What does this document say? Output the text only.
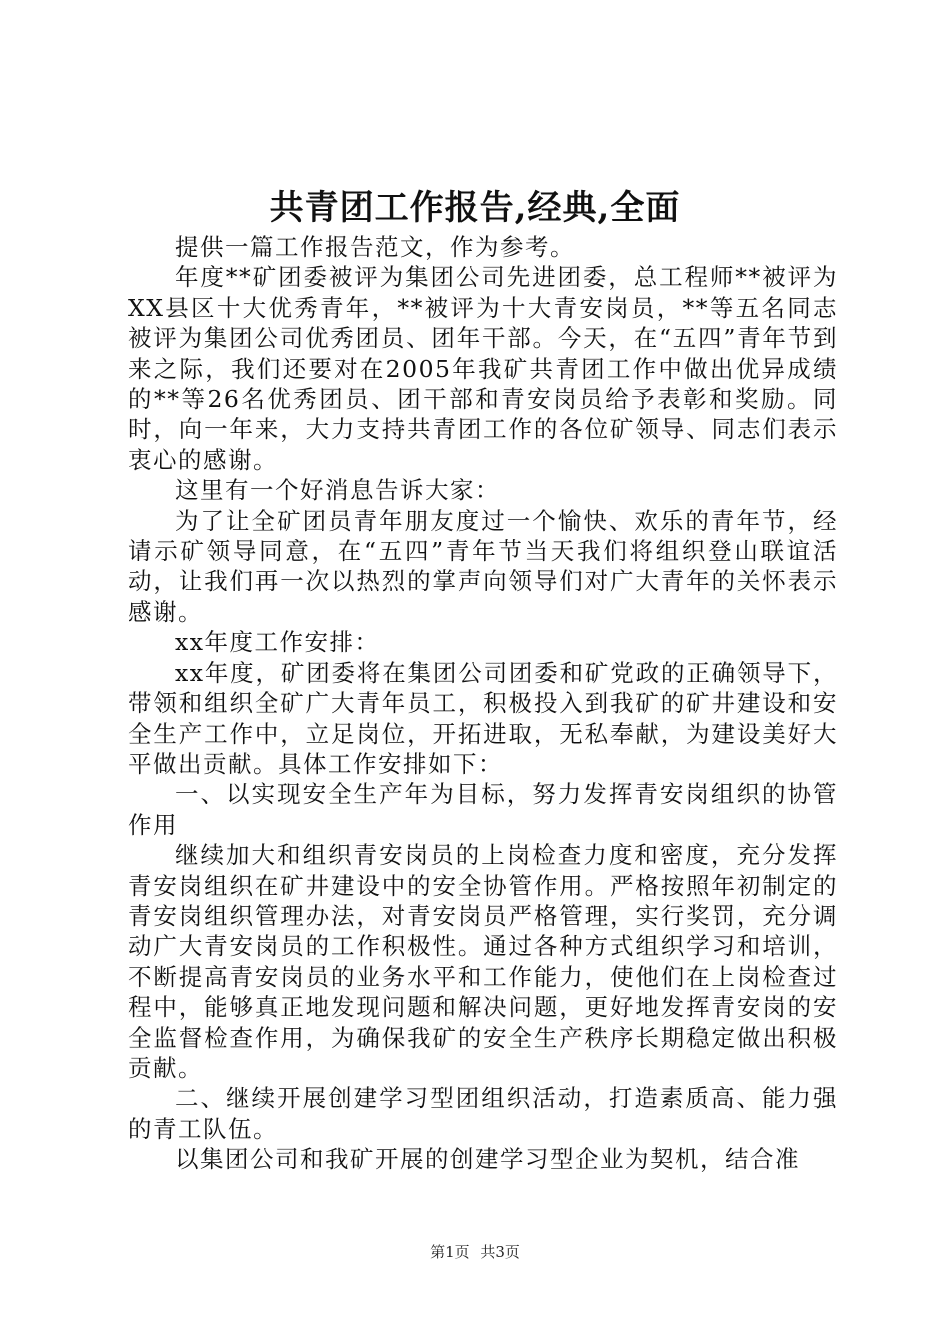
共青团工作报告,经典,全面

提供一篇工作报告范文，作为参考。

年度**矿团委被评为集团公司先进团委，总工程师**被评为XX县区十大优秀青年，**被评为十大青安岗员，**等五名同志被评为集团公司优秀团员、团年干部。今天，在“五四”青年节到来之际，我们还要对在2005年我矿共青团工作中做出优异成绩的**等26名优秀团员、团干部和青安岗员给予表彰和奖励。同时，向一年来，大力支持共青团工作的各位矿领导、同志们表示衷心的感谢。

这里有一个好消息告诉大家：

为了让全矿团员青年朋友度过一个愉快、欢乐的青年节，经请示矿领导同意，在“五四”青年节当天我们将组织登山联谊活动，让我们再一次以热烈的掌声向领导们对广大青年的关怀表示感谢。

xx年度工作安排：

xx年度，矿团委将在集团公司团委和矿党政的正确领导下，带领和组织全矿广大青年员工，积极投入到我矿的矿井建设和安全生产工作中，立足岗位，开拓进取，无私奉献，为建设美好大平做出贡献。具体工作安排如下：

一、以实现安全生产年为目标，努力发挥青安岗组织的协管作用

继续加大和组织青安岗员的上岗检查力度和密度，充分发挥青安岗组织在矿井建设中的安全协管作用。严格按照年初制定的青安岗组织管理办法，对青安岗员严格管理，实行奖罚，充分调动广大青安岗员的工作积极性。通过各种方式组织学习和培训，不断提高青安岗员的业务水平和工作能力，使他们在上岗检查过程中，能够真正地发现问题和解决问题，更好地发挥青安岗的安全监督检查作用，为确保我矿的安全生产秩序长期稳定做出积极贡献。

二、继续开展创建学习型团组织活动，打造素质高、能力强的青工队伍。

以集团公司和我矿开展的创建学习型企业为契机，结合准

第1页 共3页
